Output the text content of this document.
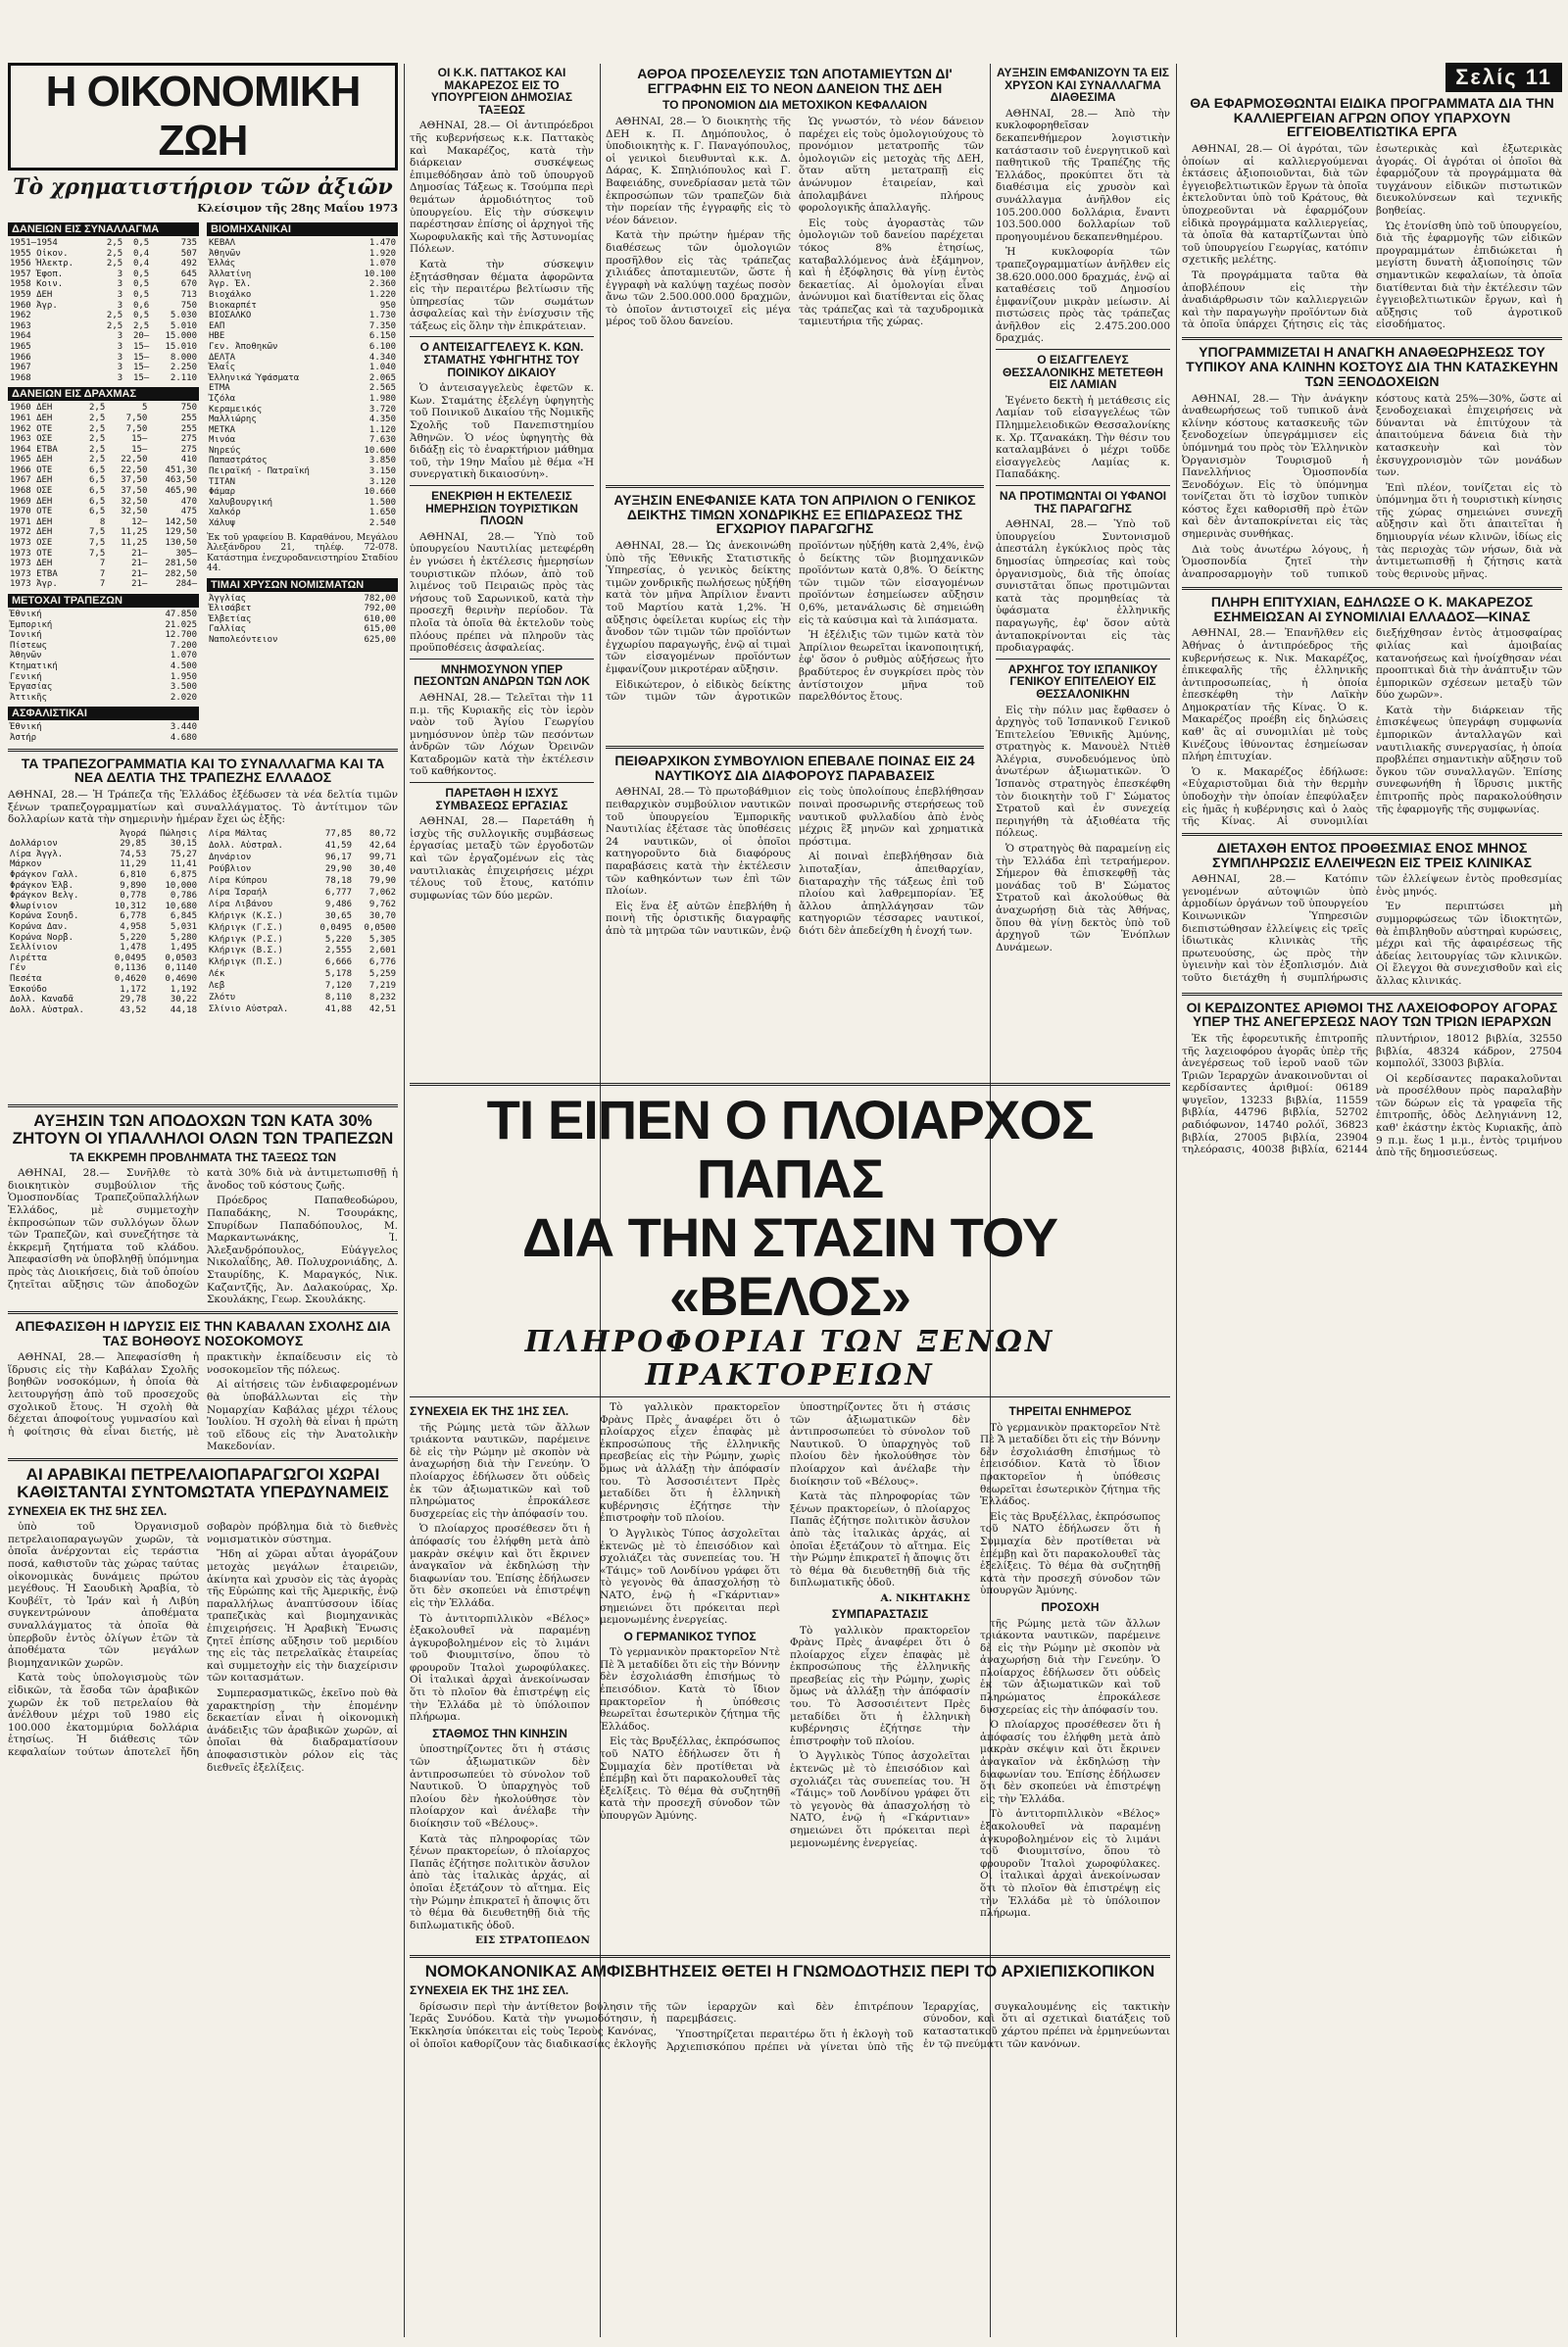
Η ΟΙΚΟΝΟΜΙΚΗ ΖΩΗ
Τὸ χρηματιστήριον τῶν ἀξιῶν
Κλείσιμον τῆς 28ης Μαΐου 1973
ΔΑΝΕΙΩΝ ΕΙΣ ΣΥΝΑΛΛΑΓΜΑ
1951—1954	2,5	0,5	735
1955 Οἰκον.	2,5	0,4	507
1956 Ἠλεκτρ.	2,5	0,4	492
1957 Ἐφοπ.	3	0,5	645
1958 Κοιν.	3	0,5	670
1959 ΔΕΗ	3	0,5	713
1960 Ἀγρ.	3	0,6	750
1962	2,5	0,5	5.030
1963	2,5	2,5	5.010
1964	3	20—	15.000
1965	3	15—	15.010
1966	3	15—	8.000
1967	3	15—	2.250
1968	3	15—	2.110
ΔΑΝΕΙΩΝ ΕΙΣ ΔΡΑΧΜΑΣ
1960 ΔΕΗ	2,5	5	750
1961 ΔΕΗ	2,5	7,50	255
1962 ΟΤΕ	2,5	7,50	255
1963 ΟΣΕ	2,5	15—	275
1964 ΕΤΒΑ	2,5	15—	275
1965 ΔΕΗ	2,5	22,50	410
1966 ΟΤΕ	6,5	22,50	451,30
1967 ΔΕΗ	6,5	37,50	463,50
1968 ΟΣΕ	6,5	37,50	465,90
1969 ΔΕΗ	6,5	32,50	470
1970 ΟΤΕ	6,5	32,50	475
1971 ΔΕΗ	8	12—	142,50
1972 ΔΕΗ	7,5	11,25	129,50
1973 ΟΣΕ	7,5	11,25	130,50
1973 ΟΤΕ	7,5	21—	305—
1973 ΔΕΗ	7	21—	281,50
1973 ΕΤΒΑ	7	21—	282,50
1973 Ἀγρ.	7	21—	284—
ΜΕΤΟΧΑΙ ΤΡΑΠΕΖΩΝ
Ἐθνική	47.850
Ἐμπορική	21.025
Ἰονική	12.700
Πίστεως	7.200
Ἀθηνῶν	1.070
Κτηματική	4.500
Γενική	1.950
Ἐργασίας	3.500
Ἀττικῆς	2.020
ΑΣΦΑΛΙΣΤΙΚΑΙ
Ἐθνική	3.440
Ἀστήρ	4.680
ΒΙΟΜΗΧΑΝΙΚΑΙ
ΚΕΒΑΛ	1.470
Ἀθηνῶν	1.920
Ἑλλάς	1.070
Ἀλλατίνη	10.100
Ἀγρ. Ἐλ.	2.360
Βιοχάλκο	1.220
Βιοκαρπέτ	950
ΒΙΟΣΑΛΚΟ	1.730
ΕΑΠ	7.350
ΗΒΕ	6.150
Γεν. Ἀποθηκῶν	6.100
ΔΕΛΤΑ	4.340
Ἐλαΐς	1.040
Ἑλληνικά Ὑφάσματα	2.065
ΕΤΜΑ	2.565
Ἰζόλα	1.980
Κεραμεικός	3.720
Μαλλιώρης	4.350
ΜΕΤΚΑ	1.120
Μινόα	7.630
Νηρεύς	10.600
Παπαστράτος	3.850
Πειραϊκή - Πατραϊκή	3.150
ΤΙΤΑΝ	3.120
Φάμαρ	10.660
Χαλυβουργική	1.500
Χαλκόρ	1.650
Χάλυψ	2.540
Ἐκ τοῦ γραφείου Β. Καραθάνου, Μεγάλου Ἀλεξάνδρου 21, τηλέφ. 72-078. Κατάστημα ἐνεχυροδανειστηρίου Σταδίου 44.
ΤΙΜΑΙ ΧΡΥΣΩΝ ΝΟΜΙΣΜΑΤΩΝ
Ἀγγλίας	782,00
Ἐλισάβετ	792,00
Ἐλβετίας	610,00
Γαλλίας	615,00
Ναπολεόντειον	625,00
ΤΑ ΤΡΑΠΕΖΟΓΡΑΜΜΑΤΙΑ ΚΑΙ ΤΟ ΣΥΝΑΛΛΑΓΜΑ ΚΑΙ ΤΑ ΝΕΑ ΔΕΛΤΙΑ ΤΗΣ ΤΡΑΠΕΖΗΣ ΕΛΛΑΔΟΣ
ΑΘΗΝΑΙ, 28.— Ἡ Τράπεζα τῆς Ἑλλάδος ἐξέδωσεν τὰ νέα δελτία τιμῶν ξένων τραπεζογραμματίων καὶ συναλλάγματος. Τὸ ἀντίτιμον τῶν δολλαρίων κατὰ τὴν σημερινὴν ἡμέραν ἔχει ὡς ἑξῆς:
	Ἀγορά	Πώλησις
Δολλάριον	29,85	30,15
Λίρα Ἀγγλ.	74,53	75,27
Μάρκον	11,29	11,41
Φράγκον Γαλλ.	6,810	6,875
Φράγκον Ἑλβ.	9,890	10,000
Φράγκον Βελγ.	0,778	0,786
Φλωρίνιον	10,312	10,680
Κορώνα Σουηδ.	6,778	6,845
Κορώνα Δαν.	4,958	5,031
Κορώνα Νορβ.	5,220	5,280
Σελλίνιον	1,478	1,495
Λιρέττα	0,0495	0,0503
Γέν	0,1136	0,1140
Πεσέτα	0,4620	0,4690
Ἐσκούδο	1,172	1,192
Δολλ. Καναδᾶ	29,78	30,22
Δολλ. Αὐστραλ.	43,52	44,18
Λίρα Μάλτας	77,85	80,72
Δολλ. Αὐστραλ.	41,59	42,64
Δηνάριον	96,17	99,71
Ρούβλιον	29,90	30,40
Λίρα Κύπρου	78,18	79,90
Λίρα Ἰσραήλ	6,777	7,062
Λίρα Λιβάνου	9,486	9,762
Κλήριγκ (Κ.Σ.)	30,65	30,70
Κλήριγκ (Γ.Σ.)	0,0495	0,0500
Κλήριγκ (Ρ.Σ.)	5,220	5,305
Κλήριγκ (Β.Σ.)	2,555	2,601
Κλήριγκ (Π.Σ.)	6,666	6,776
Λέκ	5,178	5,259
Λεβ	7,120	7,219
Ζλότυ	8,110	8,232
Σλίνιο Αὐστραλ.	41,88	42,51
ΑΥΞΗΣΙΝ ΤΩΝ ΑΠΟΔΟΧΩΝ ΤΩΝ ΚΑΤΑ 30% ΖΗΤΟΥΝ ΟΙ ΥΠΑΛΛΗΛΟΙ ΟΛΩΝ ΤΩΝ ΤΡΑΠΕΖΩΝ
ΤΑ ΕΚΚΡΕΜΗ ΠΡΟΒΛΗΜΑΤΑ ΤΗΣ ΤΑΞΕΩΣ ΤΩΝ

ΑΘΗΝΑΙ, 28.— Συνῆλθε τὸ διοικητικὸν συμβούλιον τῆς Ὁμοσπονδίας Τραπεζοϋπαλλήλων Ἑλλάδος, μὲ συμμετοχὴν ἐκπροσώπων τῶν συλλόγων ὅλων τῶν Τραπεζῶν, καὶ συνεζήτησε τὰ ἐκκρεμῆ ζητήματα τοῦ κλάδου. Ἀπεφασίσθη νὰ ὑποβληθῇ ὑπόμνημα πρὸς τὰς Διοικήσεις, διὰ τοῦ ὁποίου ζητεῖται αὔξησις τῶν ἀποδοχῶν κατὰ 30% διὰ νὰ ἀντιμετωπισθῇ ἡ ἄνοδος τοῦ κόστους ζωῆς.

Πρόεδρος Παπαθεοδώρου, Παπαδάκης, Ν. Τσουράκης, Σπυρίδων Παπαδόπουλος, Μ. Μαρκαντωνάκης, Ἰ. Ἀλεξανδρόπουλος, Εὐάγγελος Νικολαΐδης, Ἀθ. Πολυχρονιάδης, Δ. Σταυρίδης, Κ. Μαραγκός, Νικ. Καζαντζῆς, Ἀν. Δαλακούρας, Χρ. Σκουλάκης, Γεωρ. Σκουλάκης.

ΑΠΕΦΑΣΙΣΘΗ Η ΙΔΡΥΣΙΣ ΕΙΣ ΤΗΝ ΚΑΒΑΛΑΝ ΣΧΟΛΗΣ ΔΙΑ ΤΑΣ ΒΟΗΘΟΥΣ ΝΟΣΟΚΟΜΟΥΣ

ΑΘΗΝΑΙ, 28.— Ἀπεφασίσθη ἡ ἵδρυσις εἰς τὴν Καβάλαν Σχολῆς βοηθῶν νοσοκόμων, ἡ ὁποία θὰ λειτουργήσῃ ἀπὸ τοῦ προσεχοῦς σχολικοῦ ἔτους. Ἡ σχολὴ θὰ δέχεται ἀποφοίτους γυμνασίου καὶ ἡ φοίτησις θὰ εἶναι διετής, μὲ πρακτικὴν ἐκπαίδευσιν εἰς τὸ νοσοκομεῖον τῆς πόλεως.

Αἱ αἰτήσεις τῶν ἐνδιαφερομένων θὰ ὑποβάλλωνται εἰς τὴν Νομαρχίαν Καβάλας μέχρι τέλους Ἰουλίου. Ἡ σχολὴ θὰ εἶναι ἡ πρώτη τοῦ εἴδους εἰς τὴν Ἀνατολικὴν Μακεδονίαν.

ΑΙ ΑΡΑΒΙΚΑΙ ΠΕΤΡΕΛΑΙΟΠΑΡΑΓΩΓΟΙ ΧΩΡΑΙ ΚΑΘΙΣΤΑΝΤΑΙ ΣΥΝΤΟΜΩΤΑΤΑ ΥΠΕΡΔΥΝΑΜΕΙΣ
ΣΥΝΕΧΕΙΑ ΕΚ ΤΗΣ 5ΗΣ ΣΕΛ.

ὑπὸ τοῦ Ὀργανισμοῦ πετρελαιοπαραγωγῶν χωρῶν, τὰ ὁποῖα ἀνέρχονται εἰς τεράστια ποσά, καθιστοῦν τὰς χώρας ταύτας οἰκονομικὰς δυνάμεις πρώτου μεγέθους. Ἡ Σαουδικὴ Ἀραβία, τὸ Κουβέϊτ, τὸ Ἰράν καὶ ἡ Λιβύη συγκεντρώνουν ἀποθέματα συναλλάγματος τὰ ὁποῖα θὰ ὑπερβοῦν ἐντὸς ὀλίγων ἐτῶν τὰ ἀποθέματα τῶν μεγάλων βιομηχανικῶν χωρῶν.

Κατὰ τοὺς ὑπολογισμοὺς τῶν εἰδικῶν, τὰ ἔσοδα τῶν ἀραβικῶν χωρῶν ἐκ τοῦ πετρελαίου θὰ ἀνέλθουν μέχρι τοῦ 1980 εἰς 100.000 ἑκατομμύρια δολλάρια ἐτησίως. Ἡ διάθεσις τῶν κεφαλαίων τούτων ἀποτελεῖ ἤδη σοβαρὸν πρόβλημα διὰ τὸ διεθνὲς νομισματικὸν σύστημα.

Ἤδη αἱ χῶραι αὗται ἀγοράζουν μετοχὰς μεγάλων ἑταιρειῶν, ἀκίνητα καὶ χρυσὸν εἰς τὰς ἀγορὰς τῆς Εὐρώπης καὶ τῆς Ἀμερικῆς, ἐνῷ παραλλήλως ἀναπτύσσουν ἰδίας τραπεζικὰς καὶ βιομηχανικὰς ἐπιχειρήσεις. Ἡ Ἀραβικὴ Ἕνωσις ζητεῖ ἐπίσης αὔξησιν τοῦ μεριδίου της εἰς τὰς πετρελαϊκὰς ἑταιρείας καὶ συμμετοχὴν εἰς τὴν διαχείρισιν τῶν κοιτασμάτων.

Συμπερασματικῶς, ἐκεῖνο ποὺ θὰ χαρακτηρίσῃ τὴν ἑπομένην δεκαετίαν εἶναι ἡ οἰκονομικὴ ἀνάδειξις τῶν ἀραβικῶν χωρῶν, αἱ ὁποῖαι θὰ διαδραματίσουν ἀποφασιστικὸν ρόλον εἰς τὰς διεθνεῖς ἐξελίξεις.

ΟΙ Κ.Κ. ΠΑΤΤΑΚΟΣ ΚΑΙ ΜΑΚΑΡΕΖΟΣ ΕΙΣ ΤΟ ΥΠΟΥΡΓΕΙΟΝ ΔΗΜΟΣΙΑΣ ΤΑΞΕΩΣ

ΑΘΗΝΑΙ, 28.— Οἱ ἀντιπρόεδροι τῆς κυβερνήσεως κ.κ. Παττακὸς καὶ Μακαρέζος, κατὰ τὴν διάρκειαν συσκέψεως ἐπιμεθόδησαν ἀπὸ τοῦ ὑπουργοῦ Δημοσίας Τάξεως κ. Τσούμπα περὶ θεμάτων ἁρμοδιότητος τοῦ ὑπουργείου. Εἰς τὴν σύσκεψιν παρέστησαν ἐπίσης οἱ ἀρχηγοὶ τῆς Χωροφυλακῆς καὶ τῆς Ἀστυνομίας Πόλεων.

Κατὰ τὴν σύσκεψιν ἐξητάσθησαν θέματα ἀφορῶντα εἰς τὴν περαιτέρω βελτίωσιν τῆς ὑπηρεσίας τῶν σωμάτων ἀσφαλείας καὶ τὴν ἐνίσχυσιν τῆς τάξεως εἰς ὅλην τὴν ἐπικράτειαν.

Ο ΑΝΤΕΙΣΑΓΓΕΛΕΥΣ Κ. ΚΩΝ. ΣΤΑΜΑΤΗΣ ΥΦΗΓΗΤΗΣ ΤΟΥ ΠΟΙΝΙΚΟΥ ΔΙΚΑΙΟΥ

Ὁ ἀντεισαγγελεὺς ἐφετῶν κ. Κων. Σταμάτης ἐξελέγη ὑφηγητὴς τοῦ Ποινικοῦ Δικαίου τῆς Νομικῆς Σχολῆς τοῦ Πανεπιστημίου Ἀθηνῶν. Ὁ νέος ὑφηγητὴς θὰ διδάξῃ εἰς τὸ ἐναρκτήριον μάθημα τοῦ, τὴν 19ην Μαΐου μὲ θέμα «Ἡ συνεργατικὴ δικαιοσύνη».

ΕΝΕΚΡΙΘΗ Η ΕΚΤΕΛΕΣΙΣ ΗΜΕΡΗΣΙΩΝ ΤΟΥΡΙΣΤΙΚΩΝ ΠΛΟΩΝ

ΑΘΗΝΑΙ, 28.— Ὑπὸ τοῦ ὑπουργείου Ναυτιλίας μετεφέρθη ἐν γνώσει ἡ ἐκτέλεσις ἡμερησίων τουριστικῶν πλόων, ἀπὸ τοῦ λιμένος τοῦ Πειραιῶς πρὸς τὰς νήσους τοῦ Σαρωνικοῦ, κατὰ τὴν προσεχῆ θερινὴν περίοδον. Τὰ πλοῖα τὰ ὁποῖα θὰ ἐκτελοῦν τοὺς πλόους πρέπει νὰ πληροῦν τὰς προϋποθέσεις ἀσφαλείας.

ΜΝΗΜΟΣΥΝΟΝ ΥΠΕΡ ΠΕΣΟΝΤΩΝ ΑΝΔΡΩΝ ΤΩΝ ΛΟΚ

ΑΘΗΝΑΙ, 28.— Τελεῖται τὴν 11 π.μ. τῆς Κυριακῆς εἰς τὸν ἱερὸν ναὸν τοῦ Ἁγίου Γεωργίου μνημόσυνον ὑπὲρ τῶν πεσόντων ἀνδρῶν τῶν Λόχων Ὀρεινῶν Καταδρομῶν κατὰ τὴν ἐκτέλεσιν τοῦ καθήκοντος.

ΠΑΡΕΤΑΘΗ Η ΙΣΧΥΣ ΣΥΜΒΑΣΕΩΣ ΕΡΓΑΣΙΑΣ

ΑΘΗΝΑΙ, 28.— Παρετάθη ἡ ἰσχὺς τῆς συλλογικῆς συμβάσεως ἐργασίας μεταξὺ τῶν ἐργοδοτῶν καὶ τῶν ἐργαζομένων εἰς τὰς ναυτιλιακὰς ἐπιχειρήσεις μέχρι τέλους τοῦ ἔτους, κατόπιν συμφωνίας τῶν δύο μερῶν.

ΑΘΡΟΑ ΠΡΟΣΕΛΕΥΣΙΣ ΤΩΝ ΑΠΟΤΑΜΙΕΥΤΩΝ ΔΙ' ΕΓΓΡΑΦΗΝ ΕΙΣ ΤΟ ΝΕΟΝ ΔΑΝΕΙΟΝ ΤΗΣ ΔΕΗ
ΤΟ ΠΡΟΝΟΜΙΟΝ ΔΙΑ ΜΕΤΟΧΙΚΟΝ ΚΕΦΑΛΑΙΟΝ

ΑΘΗΝΑΙ, 28.— Ὁ διοικητὴς τῆς ΔΕΗ κ. Π. Δημόπουλος, ὁ ὑποδιοικητὴς κ. Γ. Παναγόπουλος, οἱ γενικοὶ διευθυνταὶ κ.κ. Δ. Δάρας, Κ. Σπηλιόπουλος καὶ Γ. Βαφειάδης, συνεδρίασαν μετὰ τῶν ἐκπροσώπων τῶν τραπεζῶν διὰ τὴν πορείαν τῆς ἐγγραφῆς εἰς τὸ νέον δάνειον.

Κατὰ τὴν πρώτην ἡμέραν τῆς διαθέσεως τῶν ὁμολογιῶν προσῆλθον εἰς τὰς τράπεζας χιλιάδες ἀποταμιευτῶν, ὥστε ἡ ἐγγραφὴ νὰ καλύψῃ ταχέως ποσὸν ἄνω τῶν 2.500.000.000 δραχμῶν, τὸ ὁποῖον ἀντιστοιχεῖ εἰς μέγα μέρος τοῦ ὅλου δανείου.

Ὡς γνωστόν, τὸ νέον δάνειον παρέχει εἰς τοὺς ὁμολογιούχους τὸ προνόμιον μετατροπῆς τῶν ὁμολογιῶν εἰς μετοχὰς τῆς ΔΕΗ, ὅταν αὕτη μετατραπῇ εἰς ἀνώνυμον ἑταιρείαν, καὶ ἀπολαμβάνει πλήρους φορολογικῆς ἀπαλλαγῆς.

Εἰς τοὺς ἀγοραστὰς τῶν ὁμολογιῶν τοῦ δανείου παρέχεται τόκος 8% ἐτησίως, καταβαλλόμενος ἀνὰ ἑξάμηνον, καὶ ἡ ἐξόφλησις θὰ γίνῃ ἐντὸς δεκαετίας. Αἱ ὁμολογίαι εἶναι ἀνώνυμοι καὶ διατίθενται εἰς ὅλας τὰς τράπεζας καὶ τὰ ταχυδρομικὰ ταμιευτήρια τῆς χώρας.

ΑΥΞΗΣΙΝ ΕΝΕΦΑΝΙΣΕ ΚΑΤΑ ΤΟΝ ΑΠΡΙΛΙΟΝ Ο ΓΕΝΙΚΟΣ ΔΕΙΚΤΗΣ ΤΙΜΩΝ ΧΟΝΔΡΙΚΗΣ ΕΞ ΕΠΙΔΡΑΣΕΩΣ ΤΗΣ ΕΓΧΩΡΙΟΥ ΠΑΡΑΓΩΓΗΣ

ΑΘΗΝΑΙ, 28.— Ὡς ἀνεκοινώθη ὑπὸ τῆς Ἐθνικῆς Στατιστικῆς Ὑπηρεσίας, ὁ γενικὸς δείκτης τιμῶν χονδρικῆς πωλήσεως ηὐξήθη κατὰ τὸν μῆνα Ἀπρίλιον ἔναντι τοῦ Μαρτίου κατὰ 1,2%. Ἡ αὔξησις ὀφείλεται κυρίως εἰς τὴν ἄνοδον τῶν τιμῶν τῶν προϊόντων ἐγχωρίου παραγωγῆς, ἐνῷ αἱ τιμαὶ τῶν εἰσαγομένων προϊόντων ἐμφανίζουν μικροτέραν αὔξησιν.

Εἰδικώτερον, ὁ εἰδικὸς δείκτης τῶν τιμῶν τῶν ἀγροτικῶν προϊόντων ηὐξήθη κατὰ 2,4%, ἐνῷ ὁ δείκτης τῶν βιομηχανικῶν προϊόντων κατὰ 0,8%. Ὁ δείκτης τῶν τιμῶν τῶν εἰσαγομένων προϊόντων ἐσημείωσεν αὔξησιν 0,6%, μετανάλωσις δὲ σημειώθη εἰς τὰ καύσιμα καὶ τὰ λιπάσματα.

Ἡ ἐξέλιξις τῶν τιμῶν κατὰ τὸν Ἀπρίλιον θεωρεῖται ἱκανοποιητική, ἐφ' ὅσον ὁ ρυθμὸς αὐξήσεως ἦτο βραδύτερος ἐν συγκρίσει πρὸς τὸν ἀντίστοιχον μῆνα τοῦ παρελθόντος ἔτους.

ΠΕΙΘΑΡΧΙΚΟΝ ΣΥΜΒΟΥΛΙΟΝ ΕΠΕΒΑΛΕ ΠΟΙΝΑΣ ΕΙΣ 24 ΝΑΥΤΙΚΟΥΣ ΔΙΑ ΔΙΑΦΟΡΟΥΣ ΠΑΡΑΒΑΣΕΙΣ

ΑΘΗΝΑΙ, 28.— Τὸ πρωτοβάθμιον πειθαρχικὸν συμβούλιον ναυτικῶν τοῦ ὑπουργείου Ἐμπορικῆς Ναυτιλίας ἐξέτασε τὰς ὑποθέσεις 24 ναυτικῶν, οἱ ὁποῖοι κατηγοροῦντο διὰ διαφόρους παραβάσεις κατὰ τὴν ἐκτέλεσιν τῶν καθηκόντων των ἐπὶ τῶν πλοίων.

Εἰς ἕνα ἐξ αὐτῶν ἐπεβλήθη ἡ ποινὴ τῆς ὁριστικῆς διαγραφῆς ἀπὸ τὰ μητρῶα τῶν ναυτικῶν, ἐνῷ εἰς τοὺς ὑπολοίπους ἐπεβλήθησαν ποιναὶ προσωρινῆς στερήσεως τοῦ ναυτικοῦ φυλλαδίου ἀπὸ ἑνὸς μέχρις ἓξ μηνῶν καὶ χρηματικὰ πρόστιμα.

Αἱ ποιναὶ ἐπεβλήθησαν διὰ λιποταξίαν, ἀπειθαρχίαν, διαταραχὴν τῆς τάξεως ἐπὶ τοῦ πλοίου καὶ λαθρεμπορίαν. Ἐξ ἄλλου ἀπηλλάγησαν τῶν κατηγοριῶν τέσσαρες ναυτικοί, διότι δὲν ἀπεδείχθη ἡ ἐνοχή των.

ΑΥΞΗΣΙΝ ΕΜΦΑΝΙΖΟΥΝ ΤΑ ΕΙΣ ΧΡΥΣΟΝ ΚΑΙ ΣΥΝΑΛΛΑΓΜΑ ΔΙΑΘΕΣΙΜΑ

ΑΘΗΝΑΙ, 28.— Ἀπὸ τὴν κυκλοφορηθεῖσαν δεκαπενθήμερον λογιστικὴν κατάστασιν τοῦ ἐνεργητικοῦ καὶ παθητικοῦ τῆς Τραπέζης τῆς Ἑλλάδος, προκύπτει ὅτι τὰ διαθέσιμα εἰς χρυσὸν καὶ συνάλλαγμα ἀνῆλθον εἰς 105.200.000 δολλάρια, ἔναντι 103.500.000 δολλαρίων τοῦ προηγουμένου δεκαπενθημέρου.

Ἡ κυκλοφορία τῶν τραπεζογραμματίων ἀνῆλθεν εἰς 38.620.000.000 δραχμάς, ἐνῷ αἱ καταθέσεις τοῦ Δημοσίου ἐμφανίζουν μικρὰν μείωσιν. Αἱ πιστώσεις πρὸς τὰς τράπεζας ἀνῆλθον εἰς 2.475.200.000 δραχμάς.

Ο ΕΙΣΑΓΓΕΛΕΥΣ ΘΕΣΣΑΛΟΝΙΚΗΣ ΜΕΤΕΤΕΘΗ ΕΙΣ ΛΑΜΙΑΝ

Ἐγένετο δεκτὴ ἡ μετάθεσις εἰς Λαμίαν τοῦ εἰσαγγελέως τῶν Πλημμελειοδικῶν Θεσσαλονίκης κ. Χρ. Τζανακάκη. Τὴν θέσιν του καταλαμβάνει ὁ μέχρι τοῦδε εἰσαγγελεὺς Λαμίας κ. Παπαδάκης.

ΝΑ ΠΡΟΤΙΜΩΝΤΑΙ ΟΙ ΥΦΑΝΟΙ ΤΗΣ ΠΑΡΑΓΩΓΗΣ

ΑΘΗΝΑΙ, 28.— Ὑπὸ τοῦ ὑπουργείου Συντονισμοῦ ἀπεστάλη ἐγκύκλιος πρὸς τὰς δημοσίας ὑπηρεσίας καὶ τοὺς ὀργανισμοὺς, διὰ τῆς ὁποίας συνιστᾶται ὅπως προτιμῶνται κατὰ τὰς προμηθείας τὰ ὑφάσματα ἑλληνικῆς παραγωγῆς, ἐφ' ὅσον αὐτὰ ἀνταποκρίνονται εἰς τὰς προδιαγραφάς.

ΑΡΧΗΓΟΣ ΤΟΥ ΙΣΠΑΝΙΚΟΥ ΓΕΝΙΚΟΥ ΕΠΙΤΕΛΕΙΟΥ ΕΙΣ ΘΕΣΣΑΛΟΝΙΚΗΝ

Εἰς τὴν πόλιν μας ἔφθασεν ὁ ἀρχηγὸς τοῦ Ἱσπανικοῦ Γενικοῦ Ἐπιτελείου Ἐθνικῆς Ἀμύνης, στρατηγὸς κ. Μανουὲλ Ντιὲθ Ἀλέγρια, συνοδευόμενος ὑπὸ ἀνωτέρων ἀξιωματικῶν. Ὁ Ἱσπανὸς στρατηγὸς ἐπεσκέφθη τὸν διοικητὴν τοῦ Γ' Σώματος Στρατοῦ καὶ ἐν συνεχείᾳ περιηγήθη τὰ ἀξιοθέατα τῆς πόλεως.

Ὁ στρατηγὸς θὰ παραμείνῃ εἰς τὴν Ἑλλάδα ἐπὶ τετραήμερον. Σήμερον θὰ ἐπισκεφθῇ τὰς μονάδας τοῦ Β' Σώματος Στρατοῦ καὶ ἀκολούθως θὰ ἀναχωρήσῃ διὰ τὰς Ἀθήνας, ὅπου θὰ γίνῃ δεκτὸς ὑπὸ τοῦ ἀρχηγοῦ τῶν Ἐνόπλων Δυνάμεων.

Σελίς 11
ΘΑ ΕΦΑΡΜΟΣΘΩΝΤΑΙ ΕΙΔΙΚΑ ΠΡΟΓΡΑΜΜΑΤΑ ΔΙΑ ΤΗΝ ΚΑΛΛΙΕΡΓΕΙΑΝ ΑΓΡΩΝ ΟΠΟΥ ΥΠΑΡΧΟΥΝ ΕΓΓΕΙΟΒΕΛΤΙΩΤΙΚΑ ΕΡΓΑ

ΑΘΗΝΑΙ, 28.— Οἱ ἀγρόται, τῶν ὁποίων αἱ καλλιεργούμεναι ἐκτάσεις ἀξιοποιοῦνται, διὰ τῶν ἐγγειοβελτιωτικῶν ἔργων τὰ ὁποῖα ἐκτελοῦνται ὑπὸ τοῦ Κράτους, θὰ ὑποχρεοῦνται νὰ ἐφαρμόζουν εἰδικὰ προγράμματα καλλιεργείας, τὰ ὁποῖα θὰ καταρτίζωνται ὑπὸ τοῦ ὑπουργείου Γεωργίας, κατόπιν σχετικῆς μελέτης.

Τὰ προγράμματα ταῦτα θὰ ἀποβλέπουν εἰς τὴν ἀναδιάρθρωσιν τῶν καλλιεργειῶν καὶ τὴν παραγωγὴν προϊόντων διὰ τὰ ὁποῖα ὑπάρχει ζήτησις εἰς τὰς ἐσωτερικὰς καὶ ἐξωτερικὰς ἀγοράς. Οἱ ἀγρόται οἱ ὁποῖοι θὰ ἐφαρμόζουν τὰ προγράμματα θὰ τυγχάνουν εἰδικῶν πιστωτικῶν διευκολύνσεων καὶ τεχνικῆς βοηθείας.

Ὡς ἐτονίσθη ὑπὸ τοῦ ὑπουργείου, διὰ τῆς ἐφαρμογῆς τῶν εἰδικῶν προγραμμάτων ἐπιδιώκεται ἡ μεγίστη δυνατὴ ἀξιοποίησις τῶν σημαντικῶν κεφαλαίων, τὰ ὁποῖα διατίθενται διὰ τὴν ἐκτέλεσιν τῶν ἐγγειοβελτιωτικῶν ἔργων, καὶ ἡ αὔξησις τοῦ ἀγροτικοῦ εἰσοδήματος.

ΥΠΟΓΡΑΜΜΙΖΕΤΑΙ Η ΑΝΑΓΚΗ ΑΝΑΘΕΩΡΗΣΕΩΣ ΤΟΥ ΤΥΠΙΚΟΥ ΑΝΑ ΚΛΙΝΗΝ ΚΟΣΤΟΥΣ ΔΙΑ ΤΗΝ ΚΑΤΑΣΚΕΥΗΝ ΤΩΝ ΞΕΝΟΔΟΧΕΙΩΝ

ΑΘΗΝΑΙ, 28.— Τὴν ἀνάγκην ἀναθεωρήσεως τοῦ τυπικοῦ ἀνὰ κλίνην κόστους κατασκευῆς τῶν ξενοδοχείων ὑπεγράμμισεν εἰς ὑπόμνημά του πρὸς τὸν Ἑλληνικὸν Ὀργανισμὸν Τουρισμοῦ ἡ Πανελλήνιος Ὁμοσπονδία Ξενοδόχων. Εἰς τὸ ὑπόμνημα τονίζεται ὅτι τὸ ἰσχῦον τυπικὸν κόστος ἔχει καθορισθῆ πρὸ ἐτῶν καὶ δὲν ἀνταποκρίνεται εἰς τὰς σημερινὰς συνθήκας.

Διὰ τοὺς ἀνωτέρω λόγους, ἡ Ὁμοσπονδία ζητεῖ τὴν ἀναπροσαρμογὴν τοῦ τυπικοῦ κόστους κατὰ 25%—30%, ὥστε αἱ ξενοδοχειακαὶ ἐπιχειρήσεις νὰ δύνανται νὰ ἐπιτύχουν τὰ ἀπαιτούμενα δάνεια διὰ τὴν κατασκευὴν καὶ τὸν ἐκσυγχρονισμὸν τῶν μονάδων των.

Ἐπὶ πλέον, τονίζεται εἰς τὸ ὑπόμνημα ὅτι ἡ τουριστικὴ κίνησις τῆς χώρας σημειώνει συνεχῆ αὔξησιν καὶ ὅτι ἀπαιτεῖται ἡ δημιουργία νέων κλινῶν, ἰδίως εἰς τὰς περιοχὰς τῶν νήσων, διὰ νὰ ἀντιμετωπισθῇ ἡ ζήτησις κατὰ τοὺς θερινοὺς μῆνας.

ΠΛΗΡΗ ΕΠΙΤΥΧΙΑΝ, ΕΔΗΛΩΣΕ Ο Κ. ΜΑΚΑΡΕΖΟΣ ΕΣΗΜΕΙΩΣΑΝ ΑΙ ΣΥΝΟΜΙΛΙΑΙ ΕΛΛΑΔΟΣ—ΚΙΝΑΣ

ΑΘΗΝΑΙ, 28.— Ἐπανῆλθεν εἰς Ἀθήνας ὁ ἀντιπρόεδρος τῆς κυβερνήσεως κ. Νικ. Μακαρέζος, ἐπικεφαλῆς τῆς ἑλληνικῆς ἀντιπροσωπείας, ἡ ὁποία ἐπεσκέφθη τὴν Λαϊκὴν Δημοκρατίαν τῆς Κίνας. Ὁ κ. Μακαρέζος προέβη εἰς δηλώσεις καθ' ἃς αἱ συνομιλίαι μὲ τοὺς Κινέζους ἰθύνοντας ἐσημείωσαν πλήρη ἐπιτυχίαν.

Ὁ κ. Μακαρέζος ἐδήλωσε: «Εὐχαριστοῦμαι διὰ τὴν θερμὴν ὑποδοχὴν τὴν ὁποίαν ἐπεφύλαξεν εἰς ἡμᾶς ἡ κυβέρνησις καὶ ὁ λαὸς τῆς Κίνας. Αἱ συνομιλίαι διεξήχθησαν ἐντὸς ἀτμοσφαίρας φιλίας καὶ ἀμοιβαίας κατανοήσεως καὶ ἠνοίχθησαν νέαι προοπτικαὶ διὰ τὴν ἀνάπτυξιν τῶν ἐμπορικῶν σχέσεων μεταξὺ τῶν δύο χωρῶν».

Κατὰ τὴν διάρκειαν τῆς ἐπισκέψεως ὑπεγράφη συμφωνία ἐμπορικῶν ἀνταλλαγῶν καὶ ναυτιλιακῆς συνεργασίας, ἡ ὁποία προβλέπει σημαντικὴν αὔξησιν τοῦ ὄγκου τῶν συναλλαγῶν. Ἐπίσης συνεφωνήθη ἡ ἵδρυσις μικτῆς ἐπιτροπῆς πρὸς παρακολούθησιν τῆς ἐφαρμογῆς τῆς συμφωνίας.

ΔΙΕΤΑΧΘΗ ΕΝΤΟΣ ΠΡΟΘΕΣΜΙΑΣ ΕΝΟΣ ΜΗΝΟΣ ΣΥΜΠΛΗΡΩΣΙΣ ΕΛΛΕΙΨΕΩΝ ΕΙΣ ΤΡΕΙΣ ΚΛΙΝΙΚΑΣ

ΑΘΗΝΑΙ, 28.— Κατόπιν γενομένων αὐτοψιῶν ὑπὸ ἀρμοδίων ὀργάνων τοῦ ὑπουργείου Κοινωνικῶν Ὑπηρεσιῶν διεπιστώθησαν ἐλλείψεις εἰς τρεῖς ἰδιωτικὰς κλινικὰς τῆς πρωτευούσης, ὡς πρὸς τὴν ὑγιεινὴν καὶ τὸν ἐξοπλισμόν. Διὰ τοῦτο διετάχθη ἡ συμπλήρωσις τῶν ἐλλείψεων ἐντὸς προθεσμίας ἑνὸς μηνός.

Ἐν περιπτώσει μὴ συμμορφώσεως τῶν ἰδιοκτητῶν, θὰ ἐπιβληθοῦν αὐστηραὶ κυρώσεις, μέχρι καὶ τῆς ἀφαιρέσεως τῆς ἀδείας λειτουργίας τῶν κλινικῶν. Οἱ ἔλεγχοι θὰ συνεχισθοῦν καὶ εἰς ἄλλας κλινικάς.

ΟΙ ΚΕΡΔΙΖΟΝΤΕΣ ΑΡΙΘΜΟΙ ΤΗΣ ΛΑΧΕΙΟΦΟΡΟΥ ΑΓΟΡΑΣ ΥΠΕΡ ΤΗΣ ΑΝΕΓΕΡΣΕΩΣ ΝΑΟΥ ΤΩΝ ΤΡΙΩΝ ΙΕΡΑΡΧΩΝ

Ἐκ τῆς ἐφορευτικῆς ἐπιτροπῆς τῆς λαχειοφόρου ἀγορᾶς ὑπὲρ τῆς ἀνεγέρσεως τοῦ ἱεροῦ ναοῦ τῶν Τριῶν Ἱεραρχῶν ἀνακοινοῦνται οἱ κερδίσαντες ἀριθμοί: 06189 ψυγεῖον, 13233 βιβλία, 11559 βιβλία, 44796 βιβλία, 52702 ραδιόφωνον, 14740 ρολόϊ, 36823 βιβλία, 27005 βιβλία, 23904 τηλεόρασις, 40038 βιβλία, 62144 πλυντήριον, 18012 βιβλία, 32550 βιβλία, 48324 κάδρον, 27504 κομπολόϊ, 33003 βιβλία.

Οἱ κερδίσαντες παρακαλοῦνται νὰ προσέλθουν πρὸς παραλαβὴν τῶν δώρων εἰς τὰ γραφεῖα τῆς ἐπιτροπῆς, ὁδὸς Δεληγιάννη 12, καθ' ἑκάστην ἐκτὸς Κυριακῆς, ἀπὸ 9 π.μ. ἕως 1 μ.μ., ἐντὸς τριμήνου ἀπὸ τῆς δημοσιεύσεως.

ΤΙ ΕΙΠΕΝ Ο ΠΛΟΙΑΡΧΟΣ ΠΑΠΑΣ
ΔΙΑ ΤΗΝ ΣΤΑΣΙΝ ΤΟΥ «ΒΕΛΟΣ»
ΠΛΗΡΟΦΟΡΙΑΙ ΤΩΝ ΞΕΝΩΝ ΠΡΑΚΤΟΡΕΙΩΝ
ΣΥΝΕΧΕΙΑ ΕΚ ΤΗΣ 1ΗΣ ΣΕΛ.

τῆς Ρώμης μετὰ τῶν ἄλλων τριάκοντα ναυτικῶν, παρέμεινε δὲ εἰς τὴν Ρώμην μὲ σκοπὸν νὰ ἀναχωρήσῃ διὰ τὴν Γενεύην. Ὁ πλοίαρχος ἐδήλωσεν ὅτι οὐδεὶς ἐκ τῶν ἀξιωματικῶν καὶ τοῦ πληρώματος ἐπροκάλεσε δυσχερείας εἰς τὴν ἀπόφασίν του.

Ὁ πλοίαρχος προσέθεσεν ὅτι ἡ ἀπόφασίς του ἐλήφθη μετὰ ἀπὸ μακρὰν σκέψιν καὶ ὅτι ἔκρινεν ἀναγκαῖον νὰ ἐκδηλώσῃ τὴν διαφωνίαν του. Ἐπίσης ἐδήλωσεν ὅτι δὲν σκοπεύει νὰ ἐπιστρέψῃ εἰς τὴν Ἑλλάδα.

Τὸ ἀντιτορπιλλικὸν «Βέλος» ἐξακολουθεῖ νὰ παραμένῃ ἀγκυροβολημένον εἰς τὸ λιμάνι τοῦ Φιουμιτσίνο, ὅπου τὸ φρουροῦν Ἰταλοὶ χωροφύλακες. Οἱ ἰταλικαὶ ἀρχαὶ ἀνεκοίνωσαν ὅτι τὸ πλοῖον θὰ ἐπιστρέψῃ εἰς τὴν Ἑλλάδα μὲ τὸ ὑπόλοιπον πλήρωμα.

ΣΤΑΘΜΟΣ ΤΗΝ ΚΙΝΗΣΙΝ

ὑποστηρίζοντες ὅτι ἡ στάσις τῶν ἀξιωματικῶν δὲν ἀντιπροσωπεύει τὸ σύνολον τοῦ Ναυτικοῦ. Ὁ ὑπαρχηγὸς τοῦ πλοίου δὲν ἠκολούθησε τὸν πλοίαρχον καὶ ἀνέλαβε τὴν διοίκησιν τοῦ «Βέλους».

Κατὰ τὰς πληροφορίας τῶν ξένων πρακτορείων, ὁ πλοίαρχος Παπᾶς ἐζήτησε πολιτικὸν ἄσυλον ἀπὸ τὰς ἰταλικὰς ἀρχάς, αἱ ὁποῖαι ἐξετάζουν τὸ αἴτημα. Εἰς τὴν Ρώμην ἐπικρατεῖ ἡ ἄποψις ὅτι τὸ θέμα θὰ διευθετηθῇ διὰ τῆς διπλωματικῆς ὁδοῦ.

ΕΙΣ ΣΤΡΑΤΟΠΕΔΟΝ

Τὸ γαλλικὸν πρακτορεῖον Φρὰνς Πρὲς ἀναφέρει ὅτι ὁ πλοίαρχος εἶχεν ἐπαφὰς μὲ ἐκπροσώπους τῆς ἑλληνικῆς πρεσβείας εἰς τὴν Ρώμην, χωρὶς ὅμως νὰ ἀλλάξῃ τὴν ἀπόφασίν του. Τὸ Ἀσσοσιέιτεντ Πρὲς μεταδίδει ὅτι ἡ ἑλληνικὴ κυβέρνησις ἐζήτησε τὴν ἐπιστροφὴν τοῦ πλοίου.

Ὁ Ἀγγλικὸς Τύπος ἀσχολεῖται ἐκτενῶς μὲ τὸ ἐπεισόδιον καὶ σχολιάζει τὰς συνεπείας του. Ἡ «Τάιμς» τοῦ Λονδίνου γράφει ὅτι τὸ γεγονὸς θὰ ἀπασχολήσῃ τὸ ΝΑΤΟ, ἐνῷ ἡ «Γκάρντιαν» σημειώνει ὅτι πρόκειται περὶ μεμονωμένης ἐνεργείας.

Ο ΓΕΡΜΑΝΙΚΟΣ ΤΥΠΟΣ

Τὸ γερμανικὸν πρακτορεῖον Ντὲ Πὲ Ἄ μεταδίδει ὅτι εἰς τὴν Βόννην δὲν ἐσχολιάσθη ἐπισήμως τὸ ἐπεισόδιον. Κατὰ τὸ ἴδιον πρακτορεῖον ἡ ὑπόθεσις θεωρεῖται ἐσωτερικὸν ζήτημα τῆς Ἑλλάδος.

Εἰς τὰς Βρυξέλλας, ἐκπρόσωπος τοῦ ΝΑΤΟ ἐδήλωσεν ὅτι ἡ Συμμαχία δὲν προτίθεται νὰ ἐπέμβῃ καὶ ὅτι παρακολουθεῖ τὰς ἐξελίξεις. Τὸ θέμα θὰ συζητηθῇ κατὰ τὴν προσεχῆ σύνοδον τῶν ὑπουργῶν Ἀμύνης.

ὑποστηρίζοντες ὅτι ἡ στάσις τῶν ἀξιωματικῶν δὲν ἀντιπροσωπεύει τὸ σύνολον τοῦ Ναυτικοῦ. Ὁ ὑπαρχηγὸς τοῦ πλοίου δὲν ἠκολούθησε τὸν πλοίαρχον καὶ ἀνέλαβε τὴν διοίκησιν τοῦ «Βέλους».

Κατὰ τὰς πληροφορίας τῶν ξένων πρακτορείων, ὁ πλοίαρχος Παπᾶς ἐζήτησε πολιτικὸν ἄσυλον ἀπὸ τὰς ἰταλικὰς ἀρχάς, αἱ ὁποῖαι ἐξετάζουν τὸ αἴτημα. Εἰς τὴν Ρώμην ἐπικρατεῖ ἡ ἄποψις ὅτι τὸ θέμα θὰ διευθετηθῇ διὰ τῆς διπλωματικῆς ὁδοῦ.

Α. ΝΙΚΗΤΑΚΗΣ
ΣΥΜΠΑΡΑΣΤΑΣΙΣ

Τὸ γαλλικὸν πρακτορεῖον Φρὰνς Πρὲς ἀναφέρει ὅτι ὁ πλοίαρχος εἶχεν ἐπαφὰς μὲ ἐκπροσώπους τῆς ἑλληνικῆς πρεσβείας εἰς τὴν Ρώμην, χωρὶς ὅμως νὰ ἀλλάξῃ τὴν ἀπόφασίν του. Τὸ Ἀσσοσιέιτεντ Πρὲς μεταδίδει ὅτι ἡ ἑλληνικὴ κυβέρνησις ἐζήτησε τὴν ἐπιστροφὴν τοῦ πλοίου.

Ὁ Ἀγγλικὸς Τύπος ἀσχολεῖται ἐκτενῶς μὲ τὸ ἐπεισόδιον καὶ σχολιάζει τὰς συνεπείας του. Ἡ «Τάιμς» τοῦ Λονδίνου γράφει ὅτι τὸ γεγονὸς θὰ ἀπασχολήσῃ τὸ ΝΑΤΟ, ἐνῷ ἡ «Γκάρντιαν» σημειώνει ὅτι πρόκειται περὶ μεμονωμένης ἐνεργείας.

ΤΗΡΕΙΤΑΙ ΕΝΗΜΕΡΟΣ

Τὸ γερμανικὸν πρακτορεῖον Ντὲ Πὲ Ἄ μεταδίδει ὅτι εἰς τὴν Βόννην δὲν ἐσχολιάσθη ἐπισήμως τὸ ἐπεισόδιον. Κατὰ τὸ ἴδιον πρακτορεῖον ἡ ὑπόθεσις θεωρεῖται ἐσωτερικὸν ζήτημα τῆς Ἑλλάδος.

Εἰς τὰς Βρυξέλλας, ἐκπρόσωπος τοῦ ΝΑΤΟ ἐδήλωσεν ὅτι ἡ Συμμαχία δὲν προτίθεται νὰ ἐπέμβῃ καὶ ὅτι παρακολουθεῖ τὰς ἐξελίξεις. Τὸ θέμα θὰ συζητηθῇ κατὰ τὴν προσεχῆ σύνοδον τῶν ὑπουργῶν Ἀμύνης.

ΠΡΟΣΟΧΗ

τῆς Ρώμης μετὰ τῶν ἄλλων τριάκοντα ναυτικῶν, παρέμεινε δὲ εἰς τὴν Ρώμην μὲ σκοπὸν νὰ ἀναχωρήσῃ διὰ τὴν Γενεύην. Ὁ πλοίαρχος ἐδήλωσεν ὅτι οὐδεὶς ἐκ τῶν ἀξιωματικῶν καὶ τοῦ πληρώματος ἐπροκάλεσε δυσχερείας εἰς τὴν ἀπόφασίν του.

Ὁ πλοίαρχος προσέθεσεν ὅτι ἡ ἀπόφασίς του ἐλήφθη μετὰ ἀπὸ μακρὰν σκέψιν καὶ ὅτι ἔκρινεν ἀναγκαῖον νὰ ἐκδηλώσῃ τὴν διαφωνίαν του. Ἐπίσης ἐδήλωσεν ὅτι δὲν σκοπεύει νὰ ἐπιστρέψῃ εἰς τὴν Ἑλλάδα.

Τὸ ἀντιτορπιλλικὸν «Βέλος» ἐξακολουθεῖ νὰ παραμένῃ ἀγκυροβολημένον εἰς τὸ λιμάνι τοῦ Φιουμιτσίνο, ὅπου τὸ φρουροῦν Ἰταλοὶ χωροφύλακες. Οἱ ἰταλικαὶ ἀρχαὶ ἀνεκοίνωσαν ὅτι τὸ πλοῖον θὰ ἐπιστρέψῃ εἰς τὴν Ἑλλάδα μὲ τὸ ὑπόλοιπον πλήρωμα.

ΝΟΜΟΚΑΝΟΝΙΚΑΣ ΑΜΦΙΣΒΗΤΗΣΕΙΣ ΘΕΤΕΙ Η ΓΝΩΜΟΔΟΤΗΣΙΣ ΠΕΡΙ ΤΟ ΑΡΧΙΕΠΙΣΚΟΠΙΚΟΝ
ΣΥΝΕΧΕΙΑ ΕΚ ΤΗΣ 1ΗΣ ΣΕΛ.

δρίσωσιν περὶ τὴν ἀντίθετον βούλησιν τῆς Ἱερᾶς Συνόδου. Κατὰ τὴν γνωμοδότησιν, ἡ Ἐκκλησία ὑπόκειται εἰς τοὺς Ἱεροὺς Κανόνας, οἱ ὁποῖοι καθορίζουν τὰς διαδικασίας ἐκλογῆς τῶν ἱεραρχῶν καὶ δὲν ἐπιτρέπουν παρεμβάσεις.

Ὑποστηρίζεται περαιτέρω ὅτι ἡ ἐκλογὴ τοῦ Ἀρχιεπισκόπου πρέπει νὰ γίνεται ὑπὸ τῆς Ἱεραρχίας, συγκαλουμένης εἰς τακτικὴν σύνοδον, καὶ ὅτι αἱ σχετικαὶ διατάξεις τοῦ καταστατικοῦ χάρτου πρέπει νὰ ἑρμηνεύωνται ἐν τῷ πνεύματι τῶν κανόνων.
